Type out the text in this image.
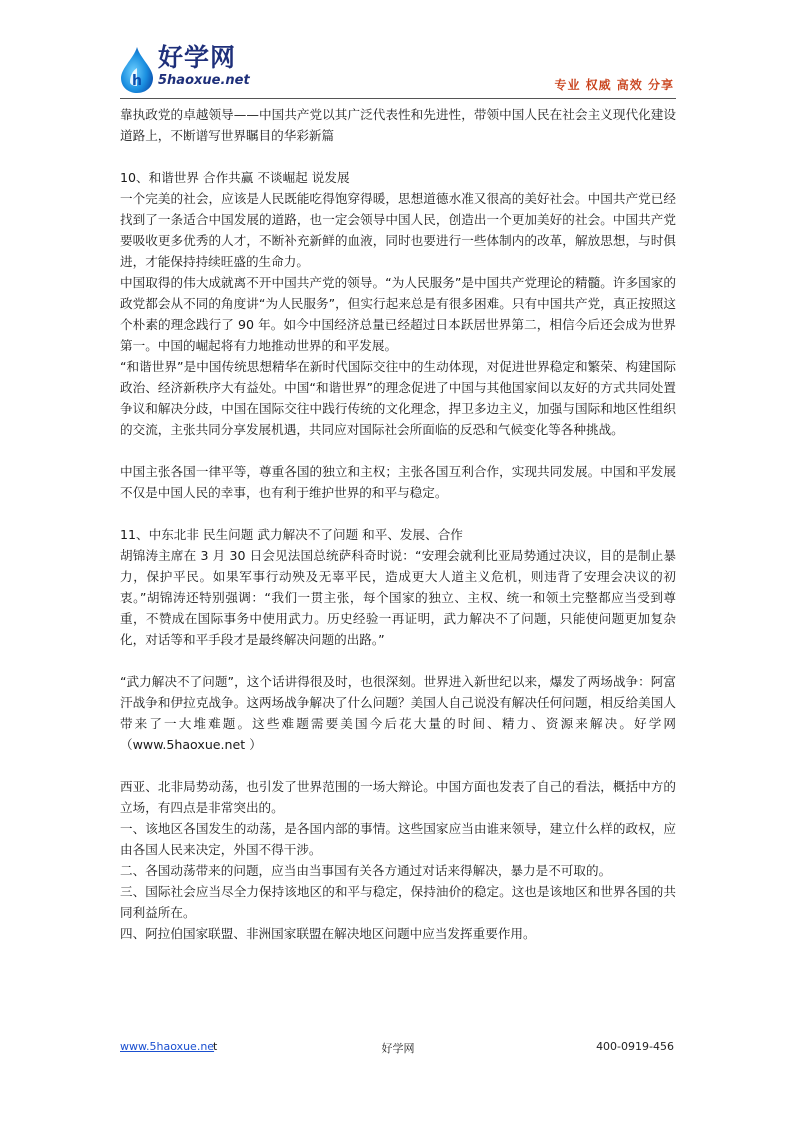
h
好学网
5haoxue.net	专业 权威 高效 分享

靠执政党的卓越领导——中国共产党以其广泛代表性和先进性，带领中国人民在社会主义现代化建设道路上，不断谱写世界瞩目的华彩新篇

10、和谐世界 合作共赢 不谈崛起 说发展

一个完美的社会，应该是人民既能吃得饱穿得暖，思想道德水准又很高的美好社会。中国共产党已经找到了一条适合中国发展的道路，也一定会领导中国人民，创造出一个更加美好的社会。中国共产党要吸收更多优秀的人才，不断补充新鲜的血液，同时也要进行一些体制内的改革，解放思想，与时俱进，才能保持持续旺盛的生命力。

中国取得的伟大成就离不开中国共产党的领导。“为人民服务”是中国共产党理论的精髓。许多国家的政党都会从不同的角度讲“为人民服务”，但实行起来总是有很多困难。只有中国共产党，真正按照这个朴素的理念践行了 90 年。如今中国经济总量已经超过日本跃居世界第二，相信今后还会成为世界第一。中国的崛起将有力地推动世界的和平发展。

“和谐世界”是中国传统思想精华在新时代国际交往中的生动体现，对促进世界稳定和繁荣、构建国际政治、经济新秩序大有益处。中国“和谐世界”的理念促进了中国与其他国家间以友好的方式共同处置争议和解决分歧，中国在国际交往中践行传统的文化理念，捍卫多边主义，加强与国际和地区性组织的交流，主张共同分享发展机遇，共同应对国际社会所面临的反恐和气候变化等各种挑战。

中国主张各国一律平等，尊重各国的独立和主权；主张各国互利合作，实现共同发展。中国和平发展不仅是中国人民的幸事，也有利于维护世界的和平与稳定。

11、中东北非 民生问题 武力解决不了问题 和平、发展、合作

胡锦涛主席在 3 月 30 日会见法国总统萨科奇时说：“安理会就利比亚局势通过决议，目的是制止暴力，保护平民。如果军事行动殃及无辜平民，造成更大人道主义危机，则违背了安理会决议的初衷。”胡锦涛还特别强调：“我们一贯主张，每个国家的独立、主权、统一和领土完整都应当受到尊重，不赞成在国际事务中使用武力。历史经验一再证明，武力解决不了问题，只能使问题更加复杂化，对话等和平手段才是最终解决问题的出路。”

“武力解决不了问题”，这个话讲得很及时，也很深刻。世界进入新世纪以来，爆发了两场战争：阿富汗战争和伊拉克战争。这两场战争解决了什么问题？美国人自己说没有解决任何问题，相反给美国人带来了一大堆难题。这些难题需要美国今后花大量的时间、精力、资源来解决。好学网（www.5haoxue.net ）

西亚、北非局势动荡，也引发了世界范围的一场大辩论。中国方面也发表了自己的看法，概括中方的立场，有四点是非常突出的。

一、该地区各国发生的动荡，是各国内部的事情。这些国家应当由谁来领导，建立什么样的政权，应由各国人民来决定，外国不得干涉。

二、各国动荡带来的问题，应当由当事国有关各方通过对话来得解决，暴力是不可取的。

三、国际社会应当尽全力保持该地区的和平与稳定，保持油价的稳定。这也是该地区和世界各国的共同利益所在。

四、阿拉伯国家联盟、非洲国家联盟在解决地区问题中应当发挥重要作用。

www.5haoxue.ne
t	好学网	400-0919-456
